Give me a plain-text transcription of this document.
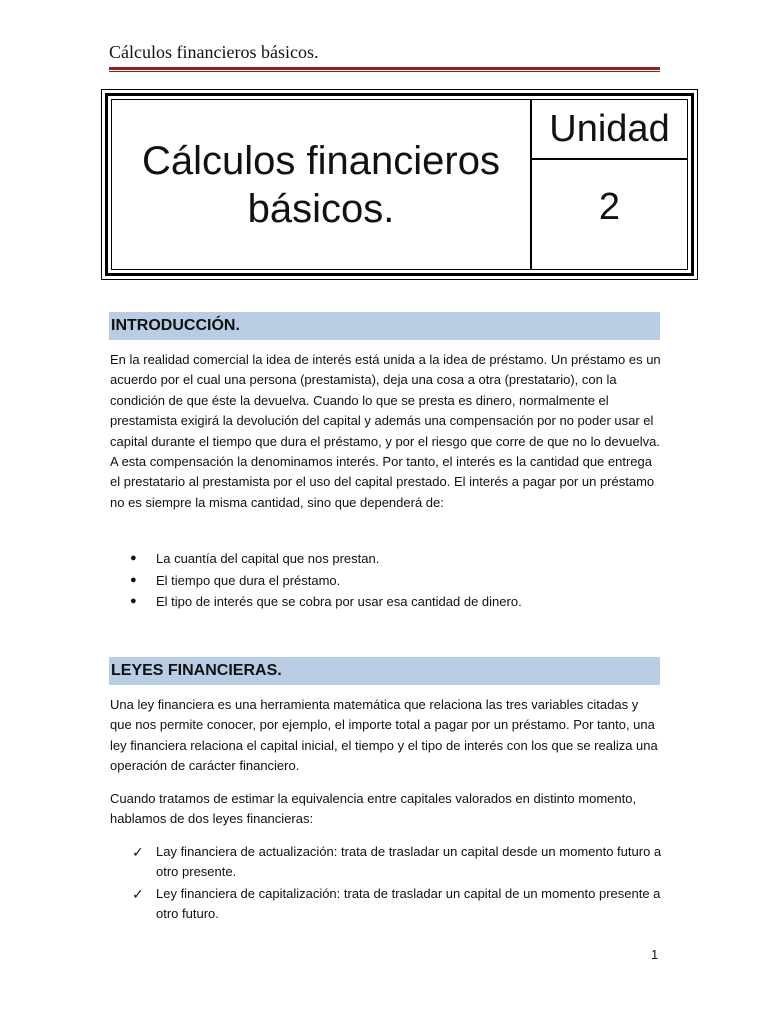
Cálculos financieros básicos.
Cálculos financieros básicos.
Unidad
2
INTRODUCCIÓN.
En la realidad comercial la idea de interés está unida a la idea de préstamo. Un préstamo es un acuerdo por el cual una persona (prestamista), deja una cosa a otra (prestatario), con la condición de que éste la devuelva. Cuando lo que se presta es dinero, normalmente el prestamista exigirá la devolución del capital y además una compensación por no poder usar el capital durante el tiempo que dura el préstamo, y por el riesgo que corre de que no lo devuelva. A esta compensación la denominamos interés. Por tanto, el interés es la cantidad que entrega el prestatario al prestamista por el uso del capital prestado. El interés a pagar por un préstamo no es siempre la misma cantidad, sino que dependerá de:
● La cuantía del capital que nos prestan.
● El tiempo que dura el préstamo.
● El tipo de interés que se cobra por usar esa cantidad de dinero.
LEYES FINANCIERAS.
Una ley financiera es una herramienta matemática que relaciona las tres variables citadas y que nos permite conocer, por ejemplo, el importe total a pagar por un préstamo. Por tanto, una ley financiera relaciona el capital inicial, el tiempo y el tipo de interés con los que se realiza una operación de carácter financiero.
Cuando tratamos de estimar la equivalencia entre capitales valorados en distinto momento, hablamos de dos leyes financieras:
✓ Lay financiera de actualización: trata de trasladar un capital desde un momento futuro a otro presente.
✓ Ley financiera de capitalización: trata de trasladar un capital de un momento presente a otro futuro.
1
